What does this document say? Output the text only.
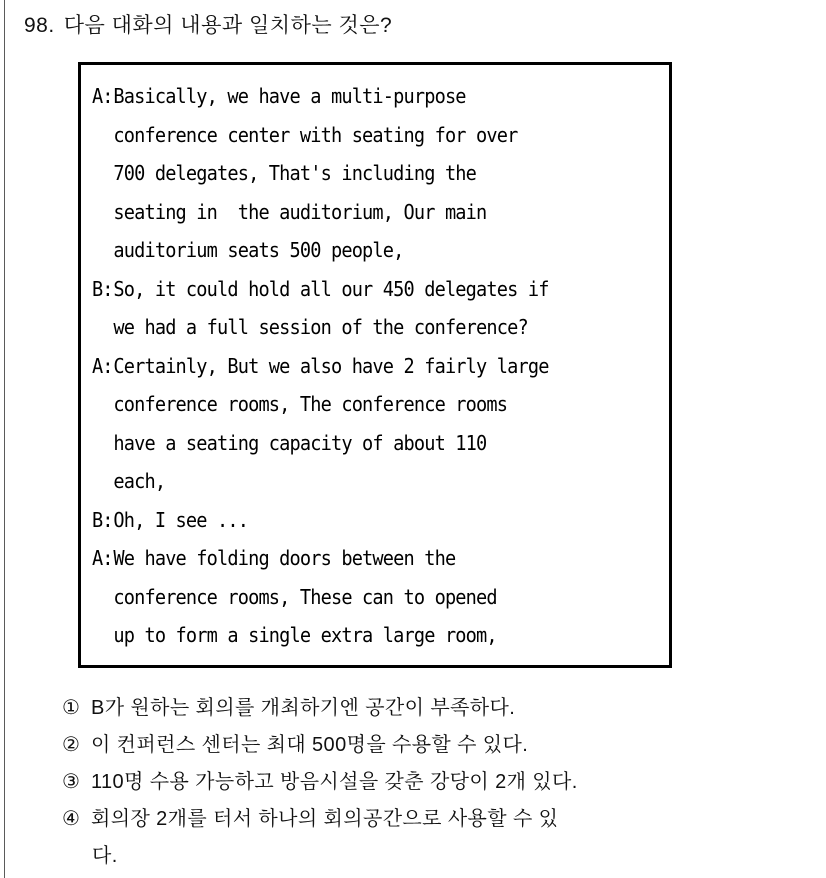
98. 다음 대화의 내용과 일치하는 것은?
A: Basically, we have a multi-purpose
conference center with seating for over
700 delegates, That's including the
seating in  the auditorium, Our main
auditorium seats 500 people,
B: So, it could hold all our 450 delegates if
we had a full session of the conference?
A: Certainly, But we also have 2 fairly large
conference rooms, The conference rooms
have a seating capacity of about 110
each,
B: Oh, I see ...
A: We have folding doors between the
conference rooms, These can to opened
up to form a single extra large room,
① B가 원하는 회의를 개최하기엔 공간이 부족하다.
② 이 컨퍼런스 센터는 최대 500명을 수용할 수 있다.
③ 110명 수용 가능하고 방음시설을 갖춘 강당이 2개 있다.
④ 회의장 2개를 터서 하나의 회의공간으로 사용할 수 있
다.
